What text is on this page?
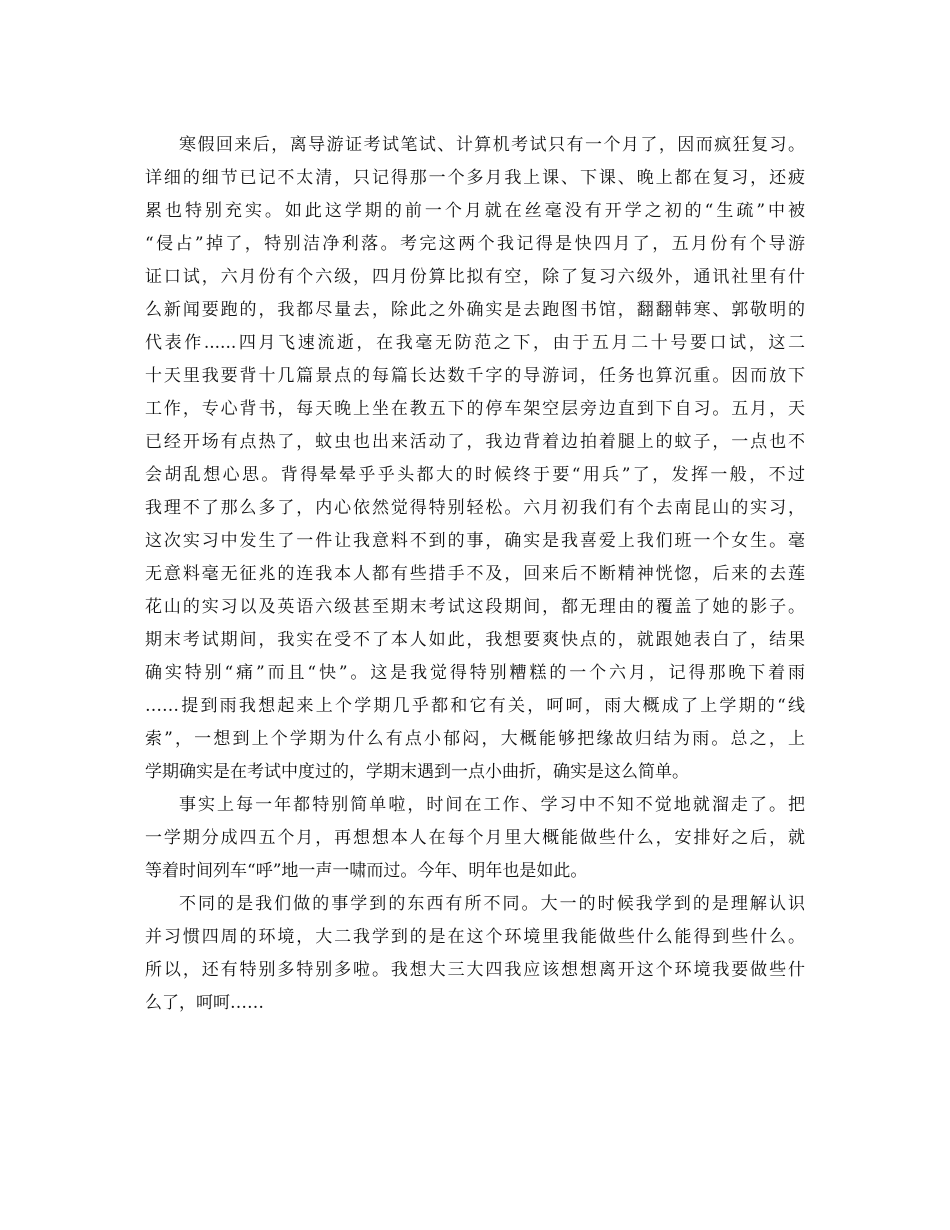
寒假回来后，离导游证考试笔试、计算机考试只有一个月了，因而疯狂复习。
详细的细节已记不太清，只记得那一个多月我上课、下课、晚上都在复习，还疲
累也特别充实。如此这学期的前一个月就在丝毫没有开学之初的“生疏”中被
“侵占”掉了，特别洁净利落。考完这两个我记得是快四月了，五月份有个导游
证口试，六月份有个六级，四月份算比拟有空，除了复习六级外，通讯社里有什
么新闻要跑的，我都尽量去，除此之外确实是去跑图书馆，翻翻韩寒、郭敬明的
代表作......四月飞速流逝，在我毫无防范之下，由于五月二十号要口试，这二
十天里我要背十几篇景点的每篇长达数千字的导游词，任务也算沉重。因而放下
工作，专心背书，每天晚上坐在教五下的停车架空层旁边直到下自习。五月，天
已经开场有点热了，蚊虫也出来活动了，我边背着边拍着腿上的蚊子，一点也不
会胡乱想心思。背得晕晕乎乎头都大的时候终于要“用兵”了，发挥一般，不过
我理不了那么多了，内心依然觉得特别轻松。六月初我们有个去南昆山的实习，
这次实习中发生了一件让我意料不到的事，确实是我喜爱上我们班一个女生。毫
无意料毫无征兆的连我本人都有些措手不及，回来后不断精神恍惚，后来的去莲
花山的实习以及英语六级甚至期末考试这段期间，都无理由的覆盖了她的影子。
期末考试期间，我实在受不了本人如此，我想要爽快点的，就跟她表白了，结果
确实特别“痛”而且“快”。这是我觉得特别糟糕的一个六月，记得那晚下着雨
……提到雨我想起来上个学期几乎都和它有关，呵呵，雨大概成了上学期的“线
索”，一想到上个学期为什么有点小郁闷，大概能够把缘故归结为雨。总之，上
学期确实是在考试中度过的，学期末遇到一点小曲折，确实是这么简单。
事实上每一年都特别简单啦，时间在工作、学习中不知不觉地就溜走了。把
一学期分成四五个月，再想想本人在每个月里大概能做些什么，安排好之后，就
等着时间列车“呼”地一声一啸而过。今年、明年也是如此。
不同的是我们做的事学到的东西有所不同。大一的时候我学到的是理解认识
并习惯四周的环境，大二我学到的是在这个环境里我能做些什么能得到些什么。
所以，还有特别多特别多啦。我想大三大四我应该想想离开这个环境我要做些什
么了，呵呵……
